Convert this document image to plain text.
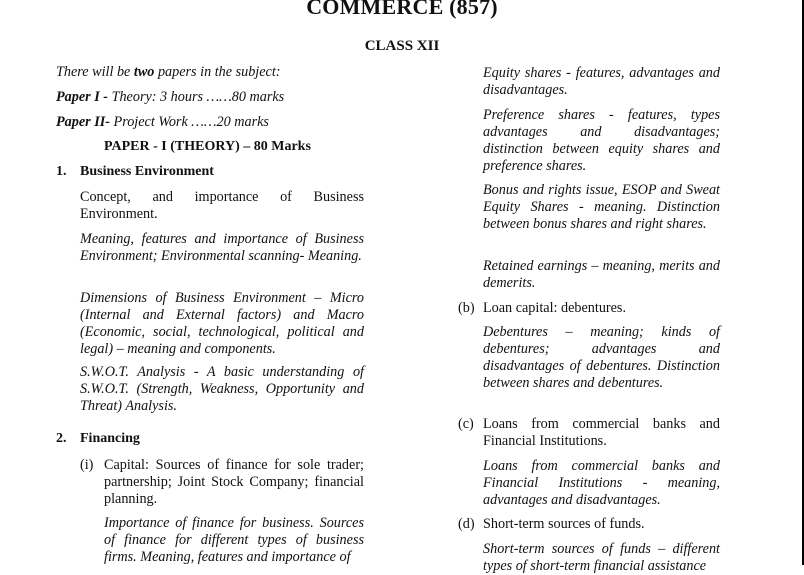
COMMERCE (857)
CLASS XII

There will be two papers in the subject:

Paper I - Theory: 3 hours ……80 marks

Paper II- Project Work ……20 marks

PAPER - I (THEORY) – 80 Marks
1. Business Environment

Concept, and importance of Business Environment.

Meaning, features and importance of Business Environment; Environmental scanning- Meaning.

Dimensions of Business Environment – Micro (Internal and External factors) and Macro (Economic, social, technological, political and legal) – meaning and components.

S.W.O.T. Analysis - A basic understanding of S.W.O.T. (Strength, Weakness, Opportunity and Threat) Analysis.

2. Financing
(i) Capital: Sources of finance for sole trader; partnership; Joint Stock Company; financial planning.

Importance of finance for business. Sources of finance for different types of business firms. Meaning, features and importance of

Equity shares - features, advantages and disadvantages.

Preference shares - features, types advantages and disadvantages; distinction between equity shares and preference shares.

Bonus and rights issue, ESOP and Sweat Equity Shares - meaning. Distinction between bonus shares and right shares.

Retained earnings – meaning, merits and demerits.

(b) Loan capital: debentures.

Debentures – meaning; kinds of debentures; advantages and disadvantages of debentures. Distinction between shares and debentures.

(c) Loans from commercial banks and Financial Institutions.

Loans from commercial banks and Financial Institutions - meaning, advantages and disadvantages.

(d) Short-term sources of funds.

Short-term sources of funds – different types of short-term financial assistance
